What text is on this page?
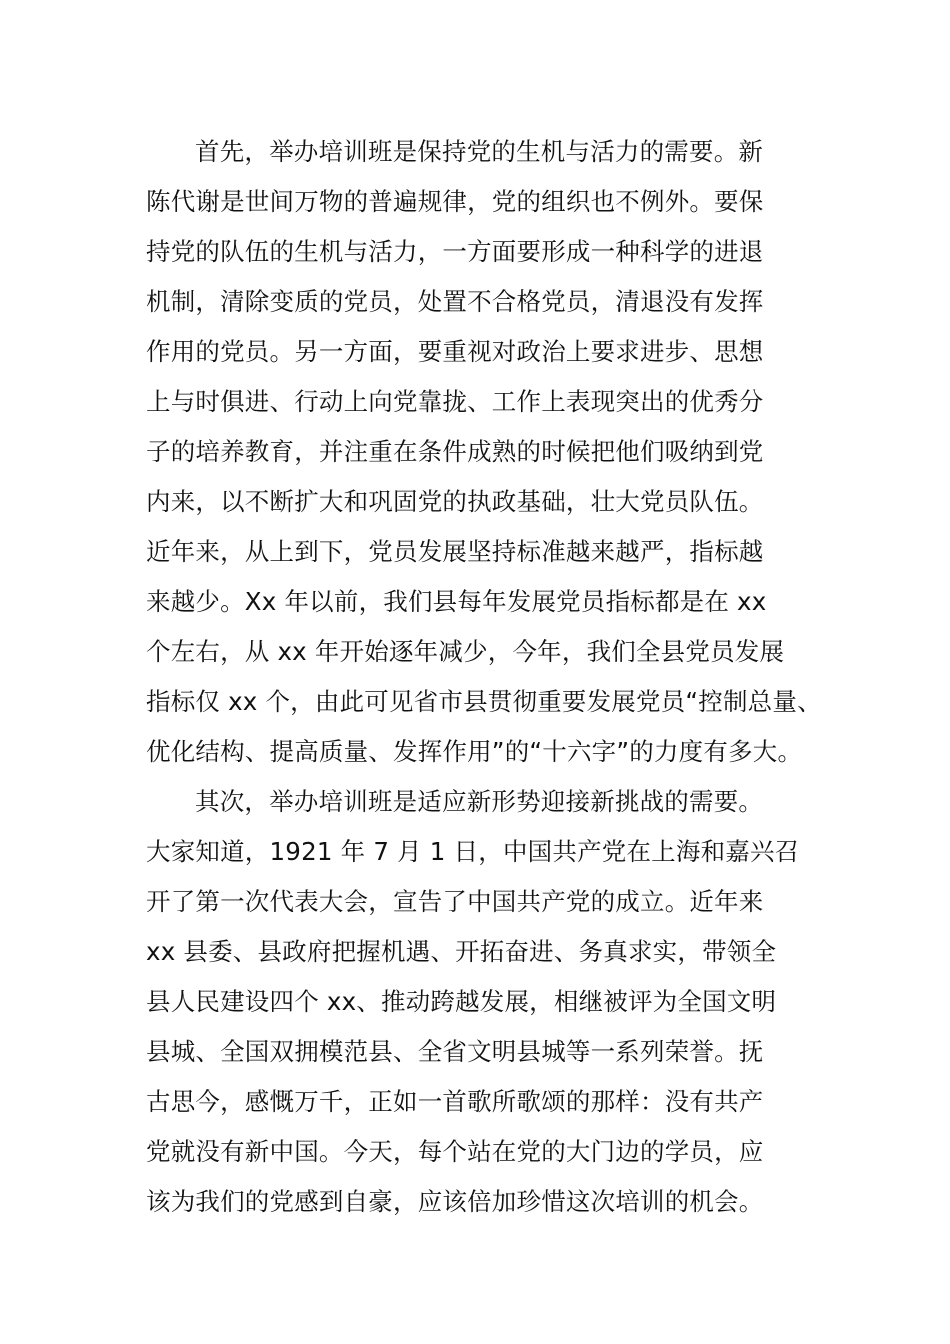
首先，举办培训班是保持党的生机与活力的需要。新
陈代谢是世间万物的普遍规律，党的组织也不例外。要保
持党的队伍的生机与活力，一方面要形成一种科学的进退
机制，清除变质的党员，处置不合格党员，清退没有发挥
作用的党员。另一方面，要重视对政治上要求进步、思想
上与时俱进、行动上向党靠拢、工作上表现突出的优秀分
子的培养教育，并注重在条件成熟的时候把他们吸纳到党
内来，以不断扩大和巩固党的执政基础，壮大党员队伍。
近年来，从上到下，党员发展坚持标准越来越严，指标越
来越少。Xx 年以前，我们县每年发展党员指标都是在 xx
个左右，从 xx 年开始逐年减少，今年，我们全县党员发展
指标仅 xx 个，由此可见省市县贯彻重要发展党员“控制总量、
优化结构、提高质量、发挥作用”的“十六字”的力度有多大。
其次，举办培训班是适应新形势迎接新挑战的需要。
大家知道，1921 年 7 月 1 日，中国共产党在上海和嘉兴召
开了第一次代表大会，宣告了中国共产党的成立。近年来
xx 县委、县政府把握机遇、开拓奋进、务真求实，带领全
县人民建设四个 xx、推动跨越发展，相继被评为全国文明
县城、全国双拥模范县、全省文明县城等一系列荣誉。抚
古思今，感慨万千，正如一首歌所歌颂的那样：没有共产
党就没有新中国。今天，每个站在党的大门边的学员，应
该为我们的党感到自豪，应该倍加珍惜这次培训的机会。
